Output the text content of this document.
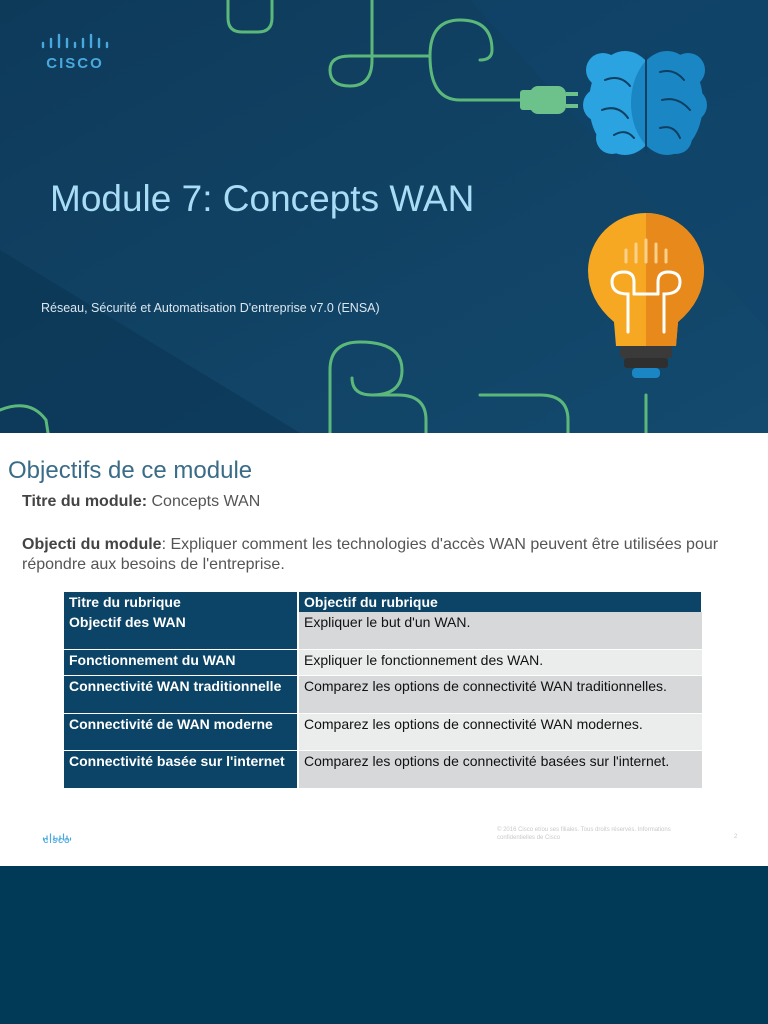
CISCO
Module 7: Concepts WAN
Réseau, Sécurité et Automatisation D'entreprise v7.0 (ENSA)
Objectifs de ce module
Titre du module: Concepts WAN
Objecti du module: Expliquer comment les technologies d'accès WAN peuvent être utilisées pour répondre aux besoins de l'entreprise.
Titre du rubrique	Objectif du rubrique
Objectif des WAN	Expliquer le but d'un WAN.
Fonctionnement du WAN	Expliquer le fonctionnement des WAN.
Connectivité WAN traditionnelle	Comparez les options de connectivité WAN traditionnelles.
Connectivité de WAN moderne	Comparez les options de connectivité WAN modernes.
Connectivité basée sur l'internet	Comparez les options de connectivité basées sur l'internet.
CISCO
© 2016 Cisco et/ou ses filiales. Tous droits réservés. Informations confidentielles de Cisco	2
